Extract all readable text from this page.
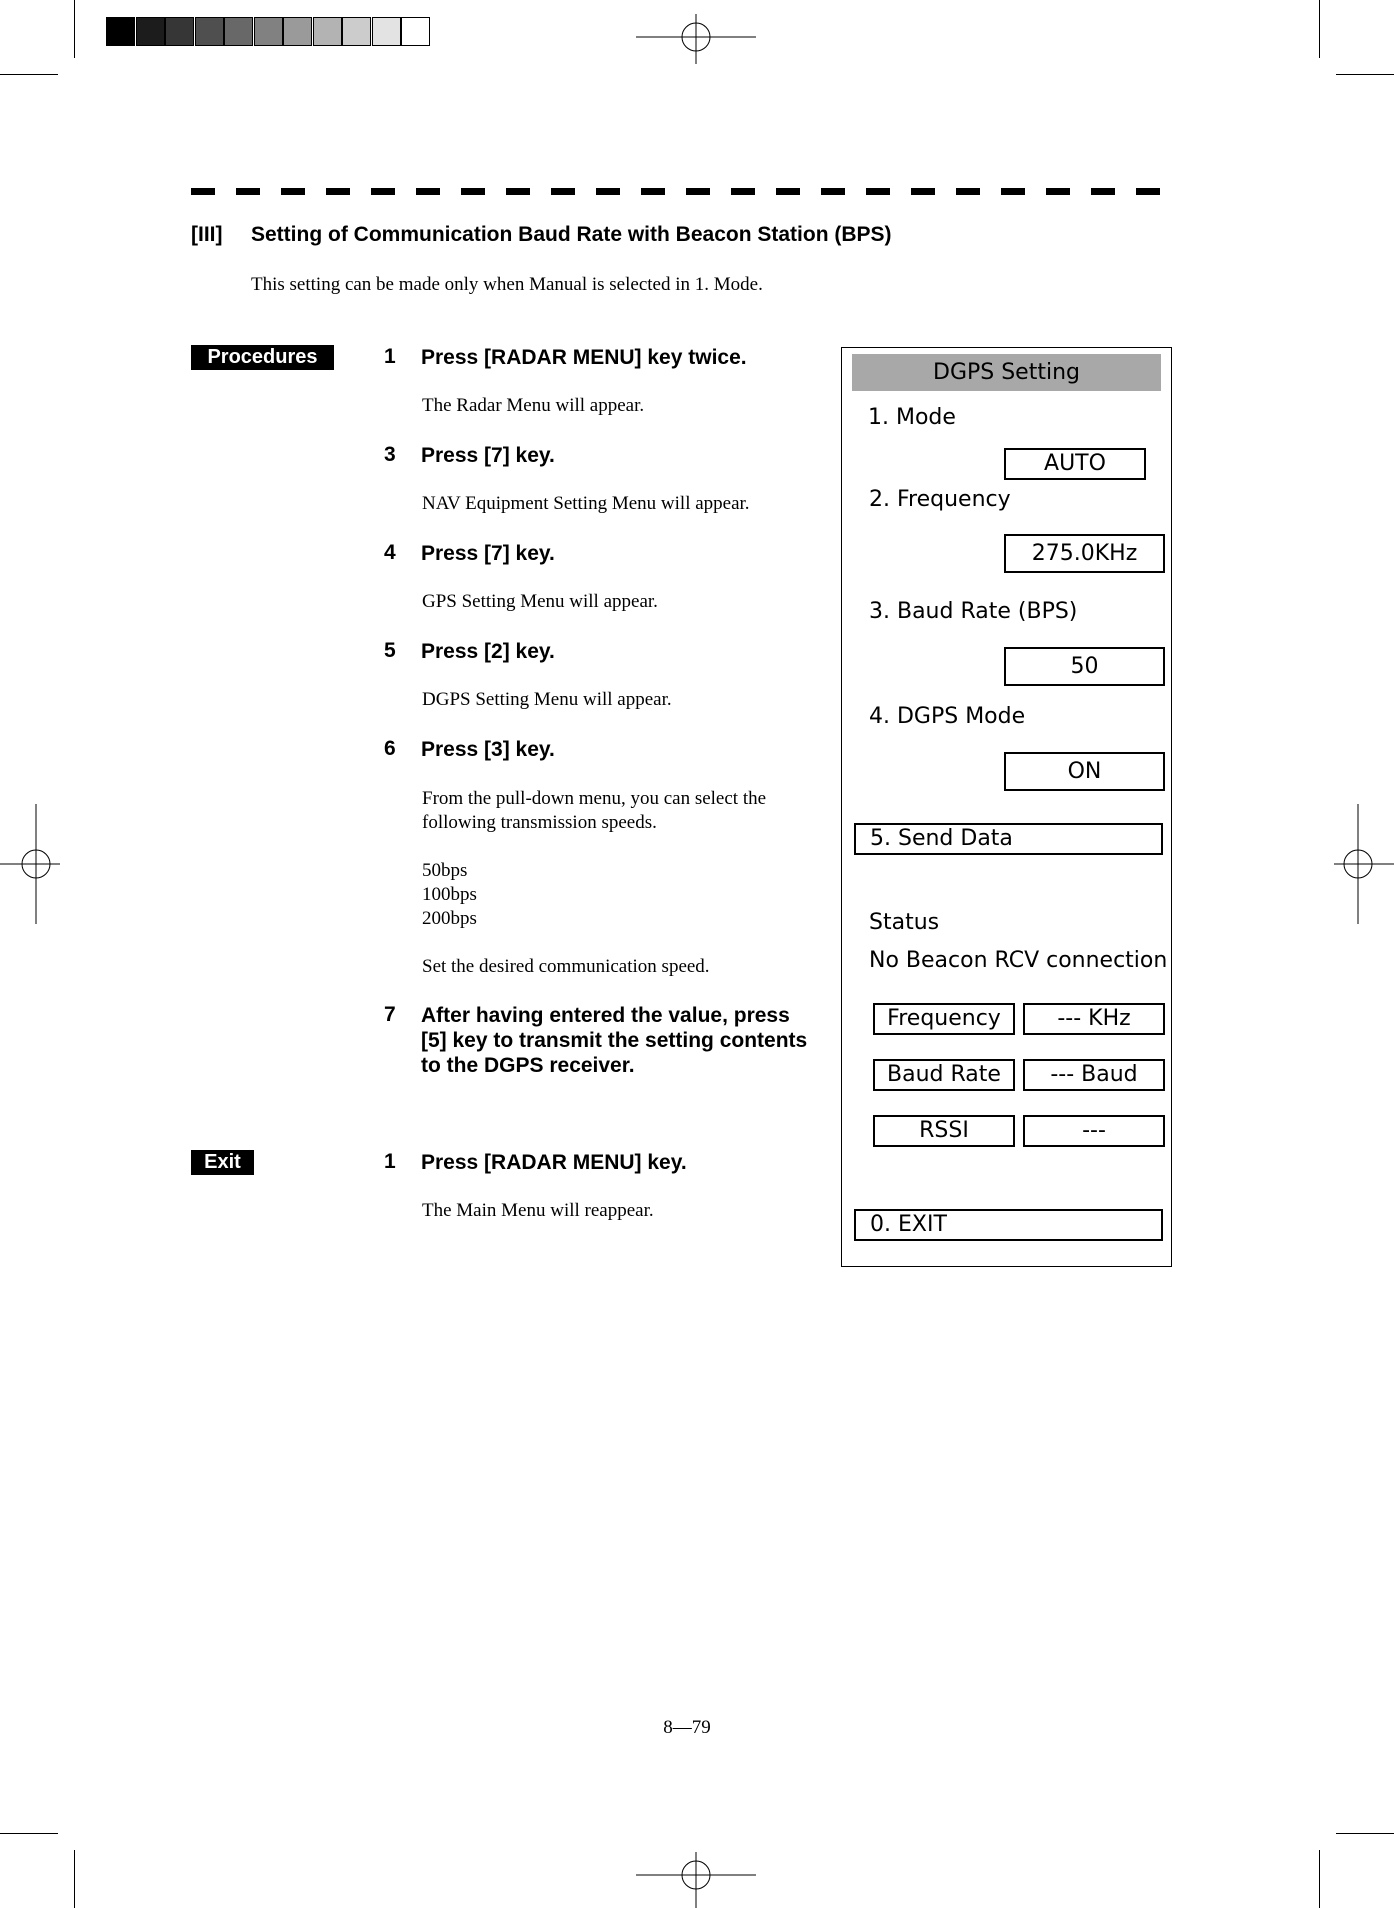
[III] Setting of Communication Baud Rate with Beacon Station (BPS)
This setting can be made only when Manual is selected in 1. Mode.
Procedures	1 Press [RADAR MENU] key twice.
The Radar Menu will appear.
3 Press [7] key.
NAV Equipment Setting Menu will appear.
4 Press [7] key.
GPS Setting Menu will appear.
5 Press [2] key.
DGPS Setting Menu will appear.
6 Press [3] key.
From the pull-down menu, you can select the
following transmission speeds.
50bps
100bps
200bps
Set the desired communication speed.
7 After having entered the value, press
[5] key to transmit the setting contents
to the DGPS receiver.
Exit	1 Press [RADAR MENU] key.
The Main Menu will reappear.
DGPS Setting
1. Mode
AUTO
2. Frequency
275.0KHz
3. Baud Rate (BPS)
50
4. DGPS Mode
ON
5. Send Data
Status
No Beacon RCV connection
Frequency	--- KHz
Baud Rate	--- Baud
RSSI	---
0. EXIT
8—79
